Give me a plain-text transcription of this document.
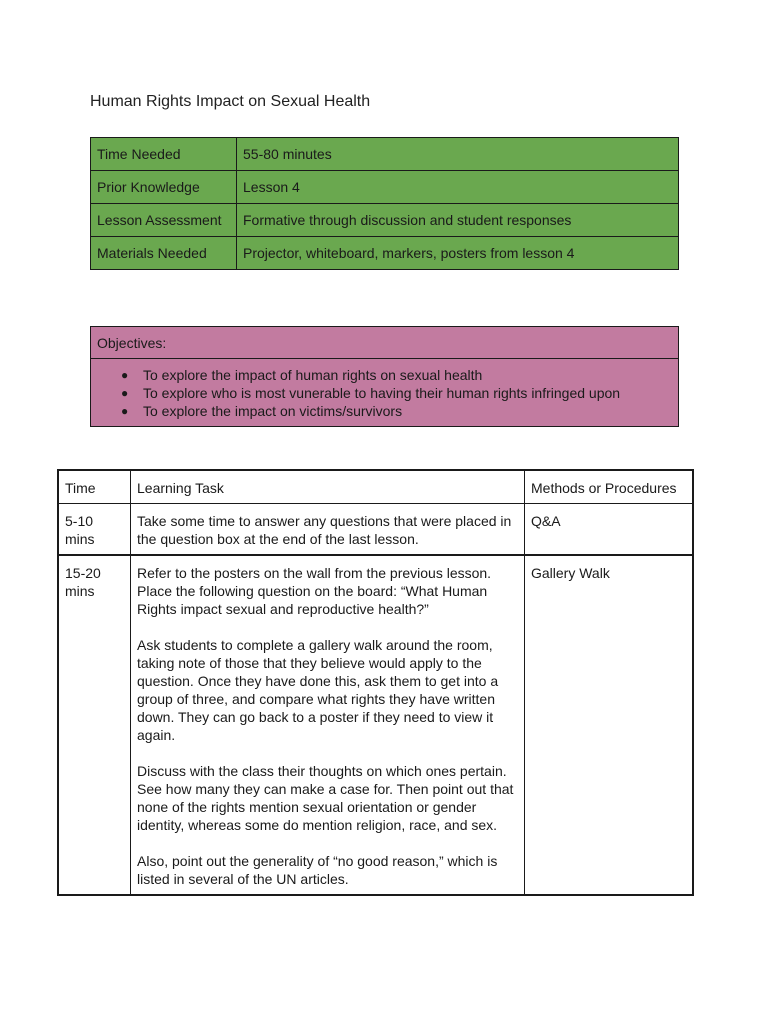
Human Rights Impact on Sexual Health
Time Needed	55-80 minutes
Prior Knowledge	Lesson 4
Lesson Assessment	Formative through discussion and student responses
Materials Needed	Projector, whiteboard, markers, posters from lesson 4
Objectives:

● To explore the impact of human rights on sexual health
● To explore who is most vunerable to having their human rights infringed upon
● To explore the impact on victims/survivors
Time	Learning Task	Methods or Procedures
5-10 mins	Take some time to answer any questions that were placed in the question box at the end of the last lesson.	Q&A
15-20 mins	Refer to the posters on the wall from the previous lesson. Place the following question on the board: “What Human Rights impact sexual and reproductive health?”

Ask students to complete a gallery walk around the room, taking note of those that they believe would apply to the question. Once they have done this, ask them to get into a group of three, and compare what rights they have written down. They can go back to a poster if they need to view it again.

Discuss with the class their thoughts on which ones pertain. See how many they can make a case for. Then point out that none of the rights mention sexual orientation or gender identity, whereas some do mention religion, race, and sex.

Also, point out the generality of “no good reason,” which is listed in several of the UN articles.	Gallery Walk
